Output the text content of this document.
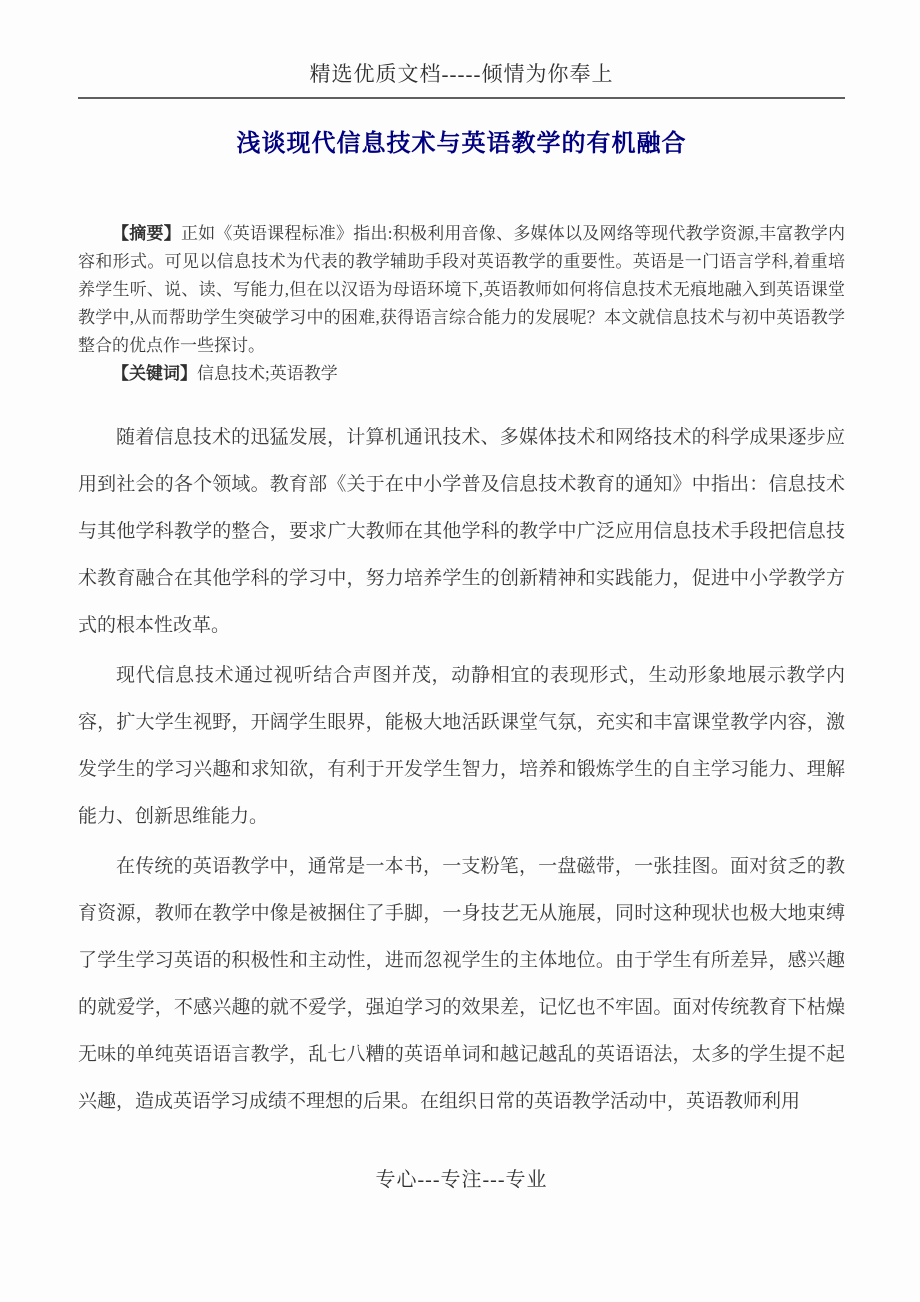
精选优质文档-----倾情为你奉上
浅谈现代信息技术与英语教学的有机融合

【摘要】正如《英语课程标准》指出:积极利用音像、多媒体以及网络等现代教学资源,丰富教学内容和形式。可见以信息技术为代表的教学辅助手段对英语教学的重要性。英语是一门语言学科,着重培养学生听、说、读、写能力,但在以汉语为母语环境下,英语教师如何将信息技术无痕地融入到英语课堂教学中,从而帮助学生突破学习中的困难,获得语言综合能力的发展呢？本文就信息技术与初中英语教学整合的优点作一些探讨。

【关键词】信息技术;英语教学

随着信息技术的迅猛发展，计算机通讯技术、多媒体技术和网络技术的科学成果逐步应用到社会的各个领域。教育部《关于在中小学普及信息技术教育的通知》中指出：信息技术与其他学科教学的整合，要求广大教师在其他学科的教学中广泛应用信息技术手段把信息技术教育融合在其他学科的学习中，努力培养学生的创新精神和实践能力，促进中小学教学方式的根本性改革。

现代信息技术通过视听结合声图并茂，动静相宜的表现形式，生动形象地展示教学内容，扩大学生视野，开阔学生眼界，能极大地活跃课堂气氛，充实和丰富课堂教学内容，激发学生的学习兴趣和求知欲，有利于开发学生智力，培养和锻炼学生的自主学习能力、理解能力、创新思维能力。

在传统的英语教学中，通常是一本书，一支粉笔，一盘磁带，一张挂图。面对贫乏的教育资源，教师在教学中像是被捆住了手脚，一身技艺无从施展，同时这种现状也极大地束缚了学生学习英语的积极性和主动性，进而忽视学生的主体地位。由于学生有所差异，感兴趣的就爱学，不感兴趣的就不爱学，强迫学习的效果差，记忆也不牢固。面对传统教育下枯燥无味的单纯英语语言教学，乱七八糟的英语单词和越记越乱的英语语法，太多的学生提不起兴趣，造成英语学习成绩不理想的后果。在组织日常的英语教学活动中，英语教师利用

专心---专注---专业
